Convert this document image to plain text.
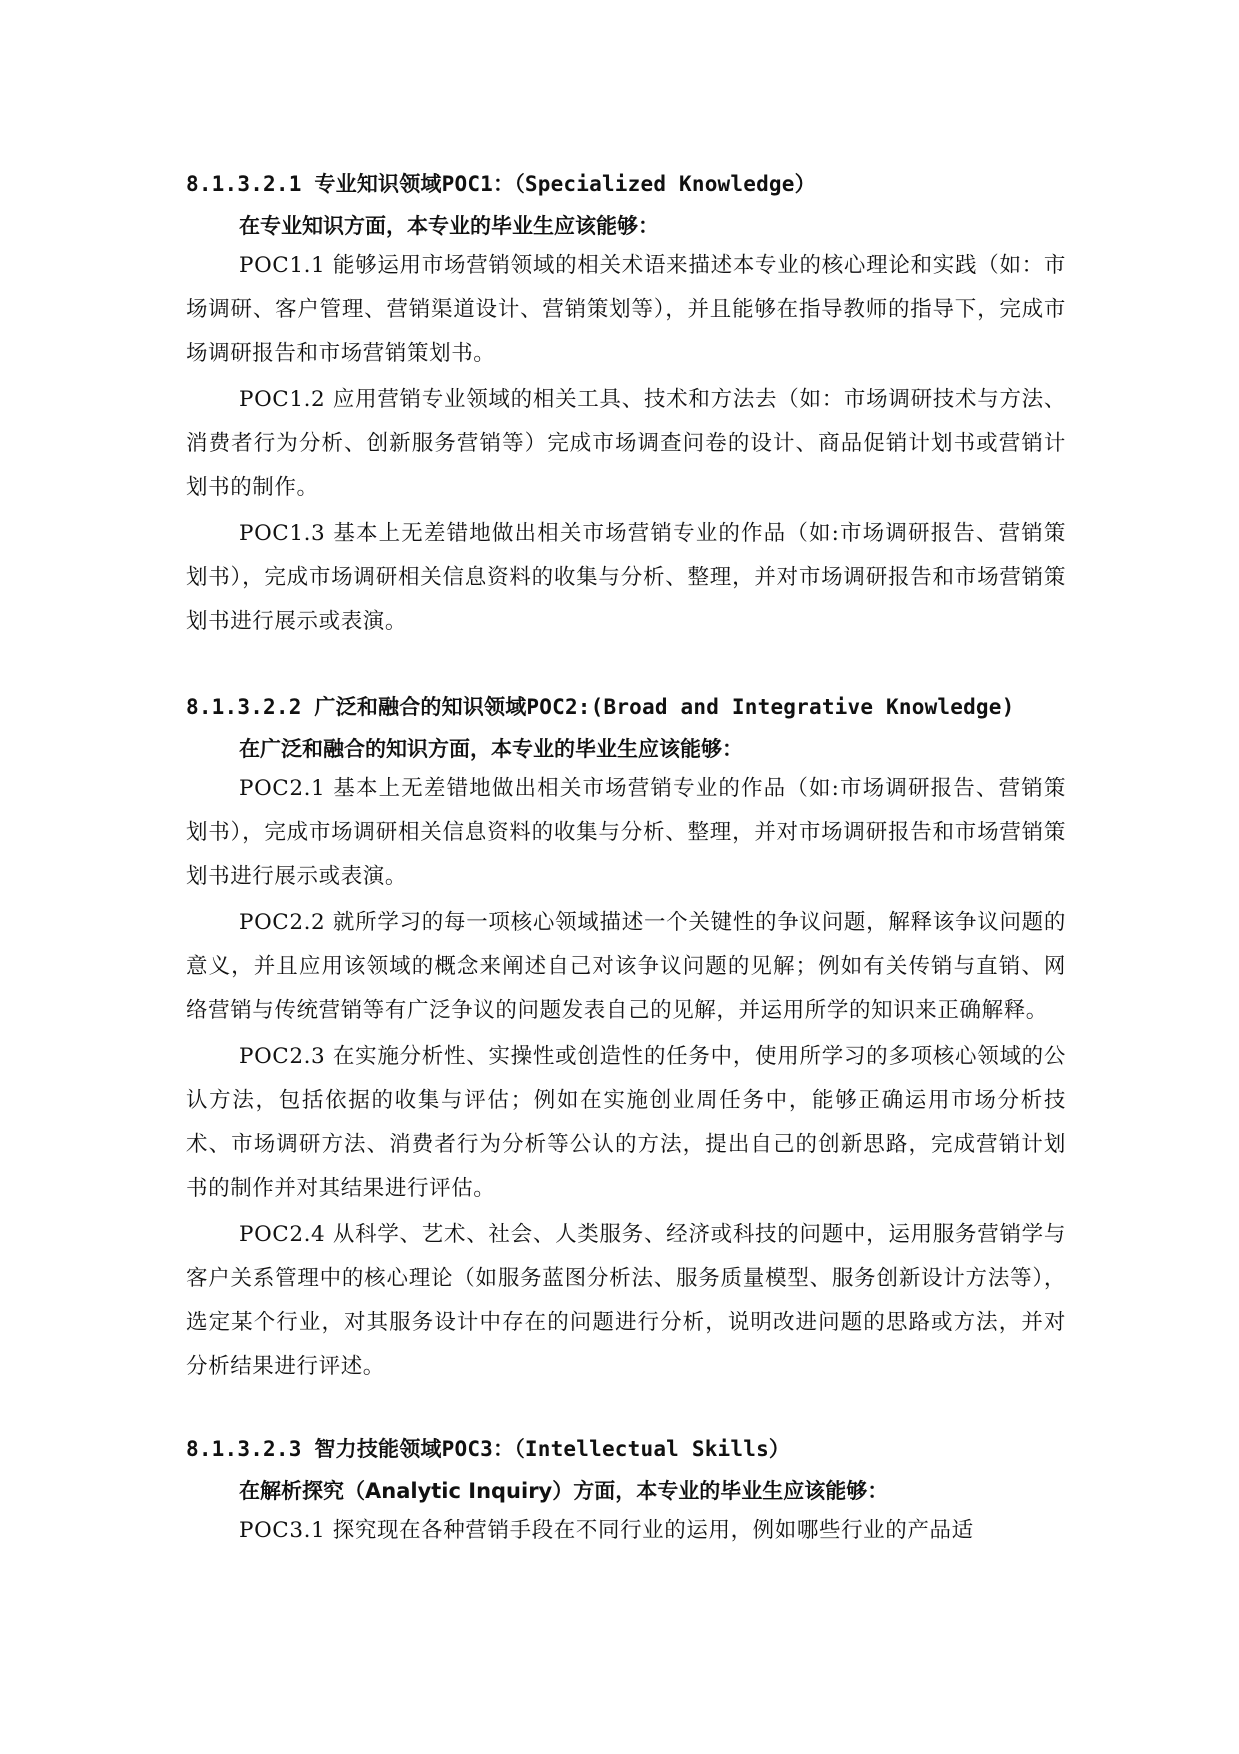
8.1.3.2.1 专业知识领域POC1：（Specialized Knowledge）
在专业知识方面，本专业的毕业生应该能够：
POC1.1 能够运用市场营销领域的相关术语来描述本专业的核心理论和实践（如：市场调研、客户管理、营销渠道设计、营销策划等），并且能够在指导教师的指导下，完成市场调研报告和市场营销策划书。
POC1.2 应用营销专业领域的相关工具、技术和方法去（如：市场调研技术与方法、消费者行为分析、创新服务营销等）完成市场调查问卷的设计、商品促销计划书或营销计划书的制作。
POC1.3 基本上无差错地做出相关市场营销专业的作品（如:市场调研报告、营销策划书），完成市场调研相关信息资料的收集与分析、整理，并对市场调研报告和市场营销策划书进行展示或表演。
8.1.3.2.2 广泛和融合的知识领域POC2:(Broad and Integrative Knowledge)
在广泛和融合的知识方面，本专业的毕业生应该能够：
POC2.1 基本上无差错地做出相关市场营销专业的作品（如:市场调研报告、营销策划书），完成市场调研相关信息资料的收集与分析、整理，并对市场调研报告和市场营销策划书进行展示或表演。
POC2.2 就所学习的每一项核心领域描述一个关键性的争议问题，解释该争议问题的意义，并且应用该领域的概念来阐述自己对该争议问题的见解；例如有关传销与直销、网络营销与传统营销等有广泛争议的问题发表自己的见解，并运用所学的知识来正确解释。
POC2.3 在实施分析性、实操性或创造性的任务中，使用所学习的多项核心领域的公认方法，包括依据的收集与评估；例如在实施创业周任务中，能够正确运用市场分析技术、市场调研方法、消费者行为分析等公认的方法，提出自己的创新思路，完成营销计划书的制作并对其结果进行评估。
POC2.4 从科学、艺术、社会、人类服务、经济或科技的问题中，运用服务营销学与客户关系管理中的核心理论（如服务蓝图分析法、服务质量模型、服务创新设计方法等），选定某个行业，对其服务设计中存在的问题进行分析，说明改进问题的思路或方法，并对分析结果进行评述。
8.1.3.2.3 智力技能领域POC3：（Intellectual Skills）
在解析探究（Analytic Inquiry）方面，本专业的毕业生应该能够：
POC3.1 探究现在各种营销手段在不同行业的运用，例如哪些行业的产品适
